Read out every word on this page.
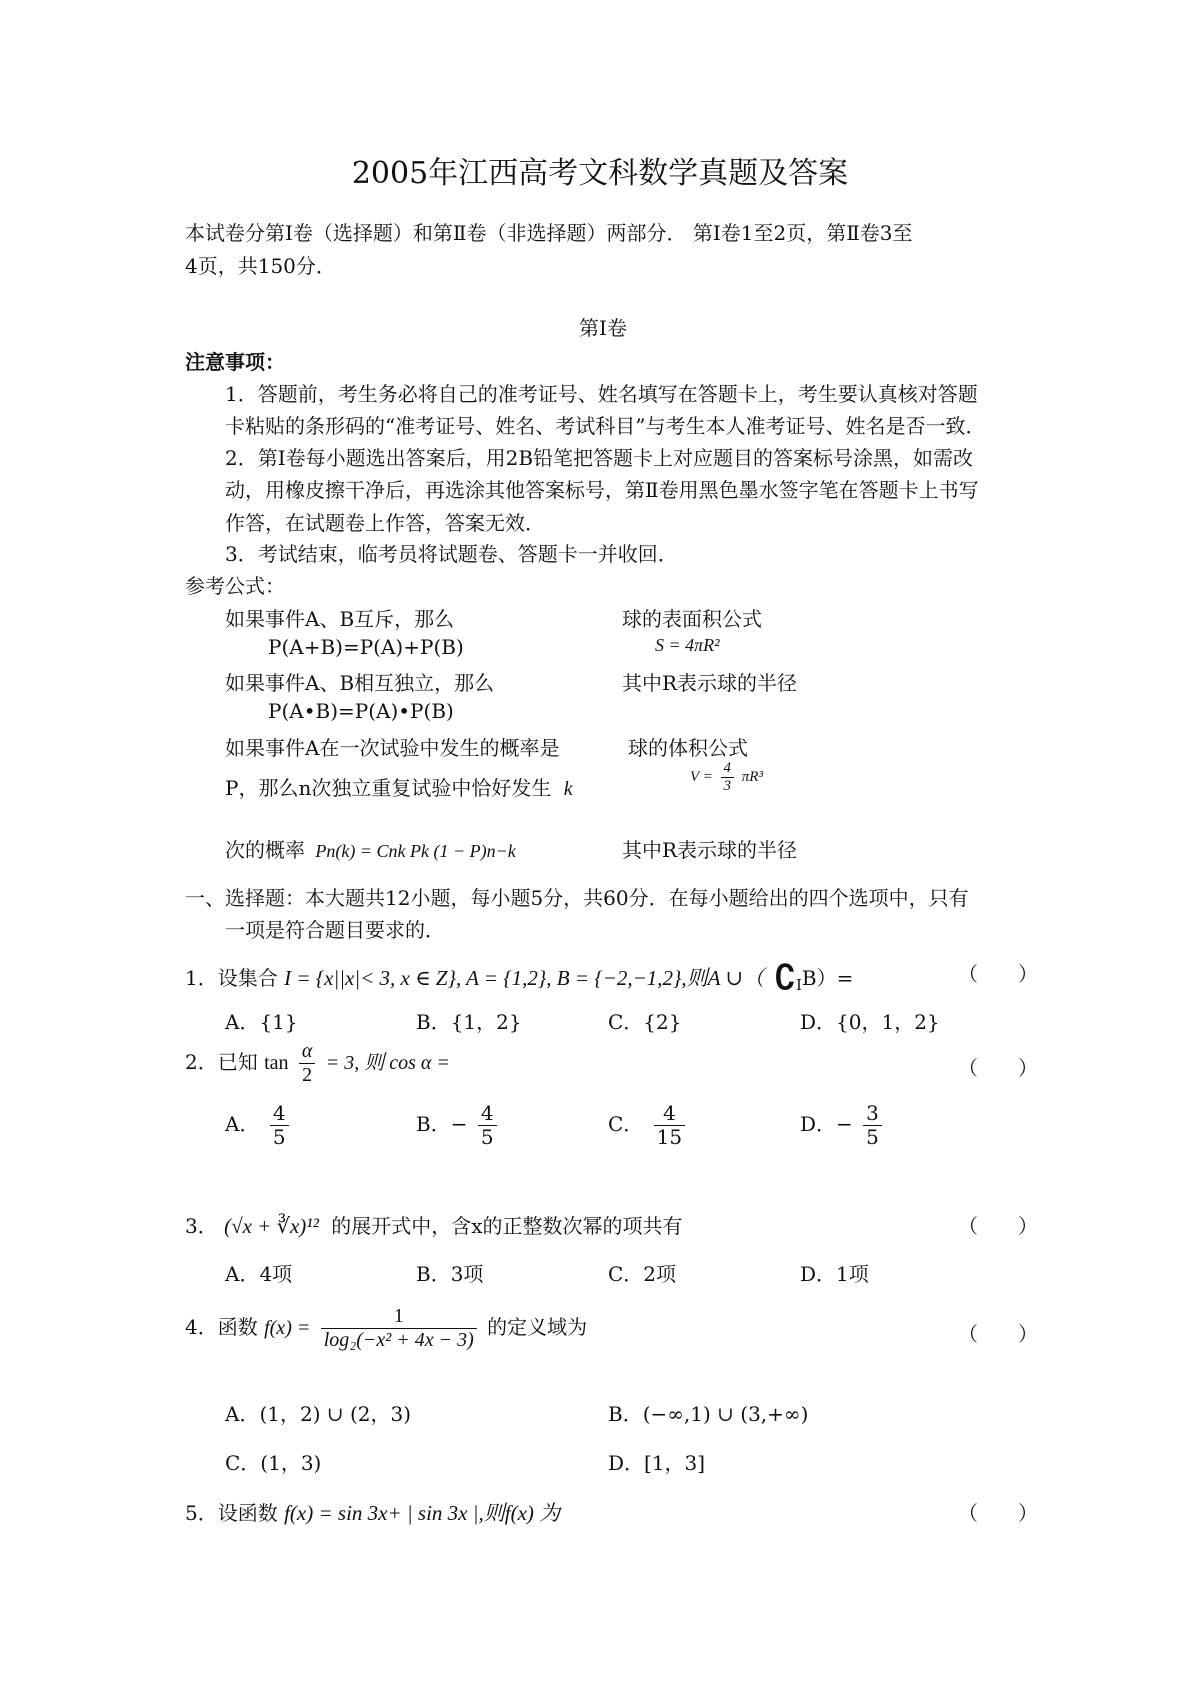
2005年江西高考文科数学真题及答案
本试卷分第Ⅰ卷（选择题）和第Ⅱ卷（非选择题）两部分． 第Ⅰ卷1至2页，第Ⅱ卷3至
4页，共150分．
第Ⅰ卷
注意事项：
1．答题前，考生务必将自己的准考证号、姓名填写在答题卡上，考生要认真核对答题
卡粘贴的条形码的“准考证号、姓名、考试科目”与考生本人准考证号、姓名是否一致．
2．第Ⅰ卷每小题选出答案后，用2B铅笔把答题卡上对应题目的答案标号涂黑，如需改
动，用橡皮擦干净后，再选涂其他答案标号，第Ⅱ卷用黑色墨水签字笔在答题卡上书写
作答，在试题卷上作答，答案无效．
3．考试结束，临考员将试题卷、答题卡一并收回．
参考公式：
如果事件A、B互斥，那么
P(A+B)=P(A)+P(B)
如果事件A、B相互独立，那么
P(A•B)=P(A)•P(B)
如果事件A在一次试验中发生的概率是
P，那么n次独立重复试验中恰好发生 k
次的概率 Pn(k) = Cnk Pk (1 − P)n−k
球的表面积公式
S = 4πR²
其中R表示球的半径
球的体积公式
$V = \frac{4}{3} \pi R^3$
其中R表示球的半径
一、选择题：本大题共12小题，每小题5分，共60分．在每小题给出的四个选项中，只有
一项是符合题目要求的．
1．设集合 I = {x||x|< 3, x ∈ Z}, A = {1,2}, B = {−2,−1,2},则A ∪（ $∁_IB)=$	（　　）
A．{1}	B．{1，2}	C．{2}	D．{0，1，2}
2．已知 $\tan \frac{\alpha}{2} = 3$, 则 cos α =	（　　）
A． $\frac{4}{5}$	B．− $\frac{4}{5}$	C． $\frac{4}{15}$	D．− $\frac{3}{5}$
3． (√x + ∛x)¹² 的展开式中，含x的正整数次幂的项共有	（　　）
A．4项	B．3项	C．2项	D．1项
4．函数 $f(x) = \frac{1}{\text{log₂(−x² + 4x − 3)}}$ 的定义域为	（　　）
A．(1，2) ∪ (2，3)	B．(−∞,1) ∪ (3,+∞)
C．(1，3)	D．[1，3]
5．设函数 f(x) = sin 3x+ | sin 3x |,则f(x) 为	（　　）
